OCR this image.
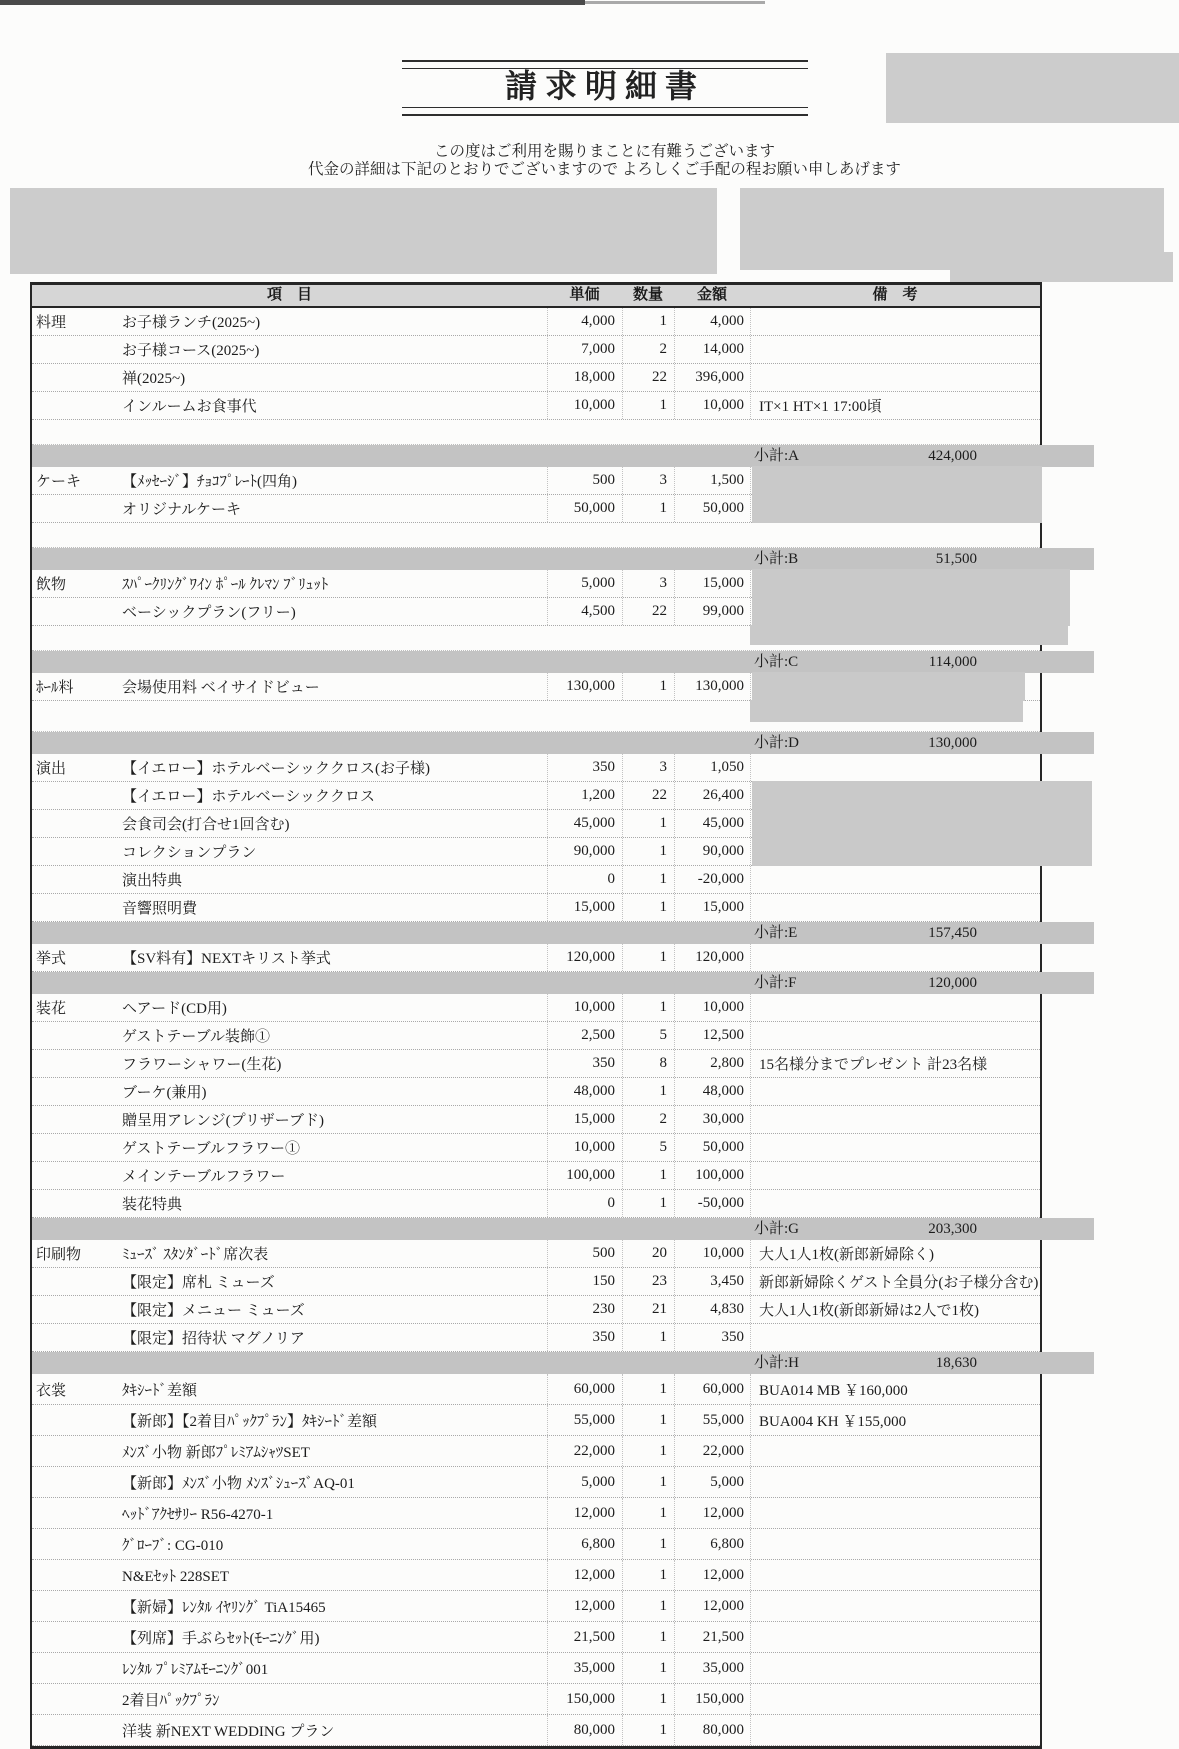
請求明細書
この度はご利用を賜りまことに有難うございます
代金の詳細は下記のとおりでございますので よろしくご手配の程お願い申しあげます
項　目	単価	数量	金額	備　考
料理	お子様ランチ(2025~)	4,000	1	4,000
お子様コース(2025~)	7,000	2	14,000
禅(2025~)	18,000	22	396,000
インルームお食事代	10,000	1	10,000	IT×1 HT×1 17:00頃
小計:A	424,000
ケーキ	【ﾒｯｾｰｼﾞ】ﾁｮｺﾌﾟﾚｰﾄ(四角)	500	3	1,500
オリジナルケーキ	50,000	1	50,000
小計:B	51,500
飲物	ｽﾊﾟｰｸﾘﾝｸﾞﾜｲﾝ ﾎﾟｰﾙ ｸﾚﾏﾝ ﾌﾞﾘｭｯﾄ	5,000	3	15,000
ベーシックプラン(フリー)	4,500	22	99,000
小計:C	114,000
ﾎｰﾙ料	会場使用料 ベイサイドビュー	130,000	1	130,000
小計:D	130,000
演出	【イエロー】ホテルベーシッククロス(お子様)	350	3	1,050
【イエロー】ホテルベーシッククロス	1,200	22	26,400
会食司会(打合せ1回含む)	45,000	1	45,000
コレクションプラン	90,000	1	90,000
演出特典	0	1	-20,000
音響照明費	15,000	1	15,000
小計:E	157,450
挙式	【SV料有】NEXTキリスト挙式	120,000	1	120,000
小計:F	120,000
装花	ヘアード(CD用)	10,000	1	10,000
ゲストテーブル装飾①	2,500	5	12,500
フラワーシャワー(生花)	350	8	2,800	15名様分までプレゼント 計23名様
ブーケ(兼用)	48,000	1	48,000
贈呈用アレンジ(プリザーブド)	15,000	2	30,000
ゲストテーブルフラワー①	10,000	5	50,000
メインテーブルフラワー	100,000	1	100,000
装花特典	0	1	-50,000
小計:G	203,300
印刷物	ﾐｭｰｽﾞ ｽﾀﾝﾀﾞｰﾄﾞ席次表	500	20	10,000	大人1人1枚(新郎新婦除く)
【限定】席札 ミューズ	150	23	3,450	新郎新婦除くゲスト全員分(お子様分含む)
【限定】メニュー ミューズ	230	21	4,830	大人1人1枚(新郎新婦は2人で1枚)
【限定】招待状 マグノリア	350	1	350
小計:H	18,630
衣裳	ﾀｷｼｰﾄﾞ差額	60,000	1	60,000	BUA014 MB ￥160,000
【新郎】【2着目ﾊﾟｯｸﾌﾟﾗﾝ】ﾀｷｼｰﾄﾞ差額	55,000	1	55,000	BUA004 KH ￥155,000
ﾒﾝｽﾞ小物 新郎ﾌﾟﾚﾐｱﾑｼｬﾂSET	22,000	1	22,000
【新郎】ﾒﾝｽﾞ小物 ﾒﾝｽﾞｼｭｰｽﾞAQ-01	5,000	1	5,000
ﾍｯﾄﾞｱｸｾｻﾘｰ R56-4270-1	12,000	1	12,000
ｸﾞﾛｰﾌﾞ: CG-010	6,800	1	6,800
N&Eｾｯﾄ 228SET	12,000	1	12,000
【新婦】ﾚﾝﾀﾙ ｲﾔﾘﾝｸﾞ TiA15465	12,000	1	12,000
【列席】手ぶらｾｯﾄ(ﾓｰﾆﾝｸﾞ用)	21,500	1	21,500
ﾚﾝﾀﾙ ﾌﾟﾚﾐｱﾑﾓｰﾆﾝｸﾞ001	35,000	1	35,000
2着目ﾊﾟｯｸﾌﾟﾗﾝ	150,000	1	150,000
洋装 新NEXT WEDDING プラン	80,000	1	80,000
